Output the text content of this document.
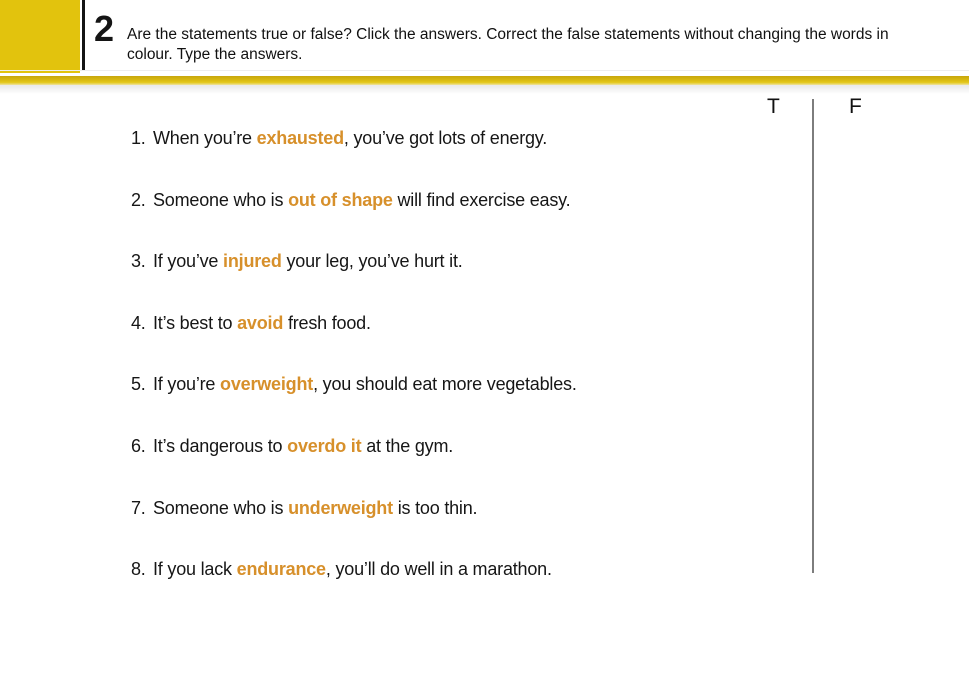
2 Are the statements true or false? Click the answers. Correct the false statements without changing the words in colour. Type the answers.
T	F
1. When you’re exhausted, you’ve got lots of energy.
2. Someone who is out of shape will find exercise easy.
3. If you’ve injured your leg, you’ve hurt it.
4. It’s best to avoid fresh food.
5. If you’re overweight, you should eat more vegetables.
6. It’s dangerous to overdo it at the gym.
7. Someone who is underweight is too thin.
8. If you lack endurance, you’ll do well in a marathon.
